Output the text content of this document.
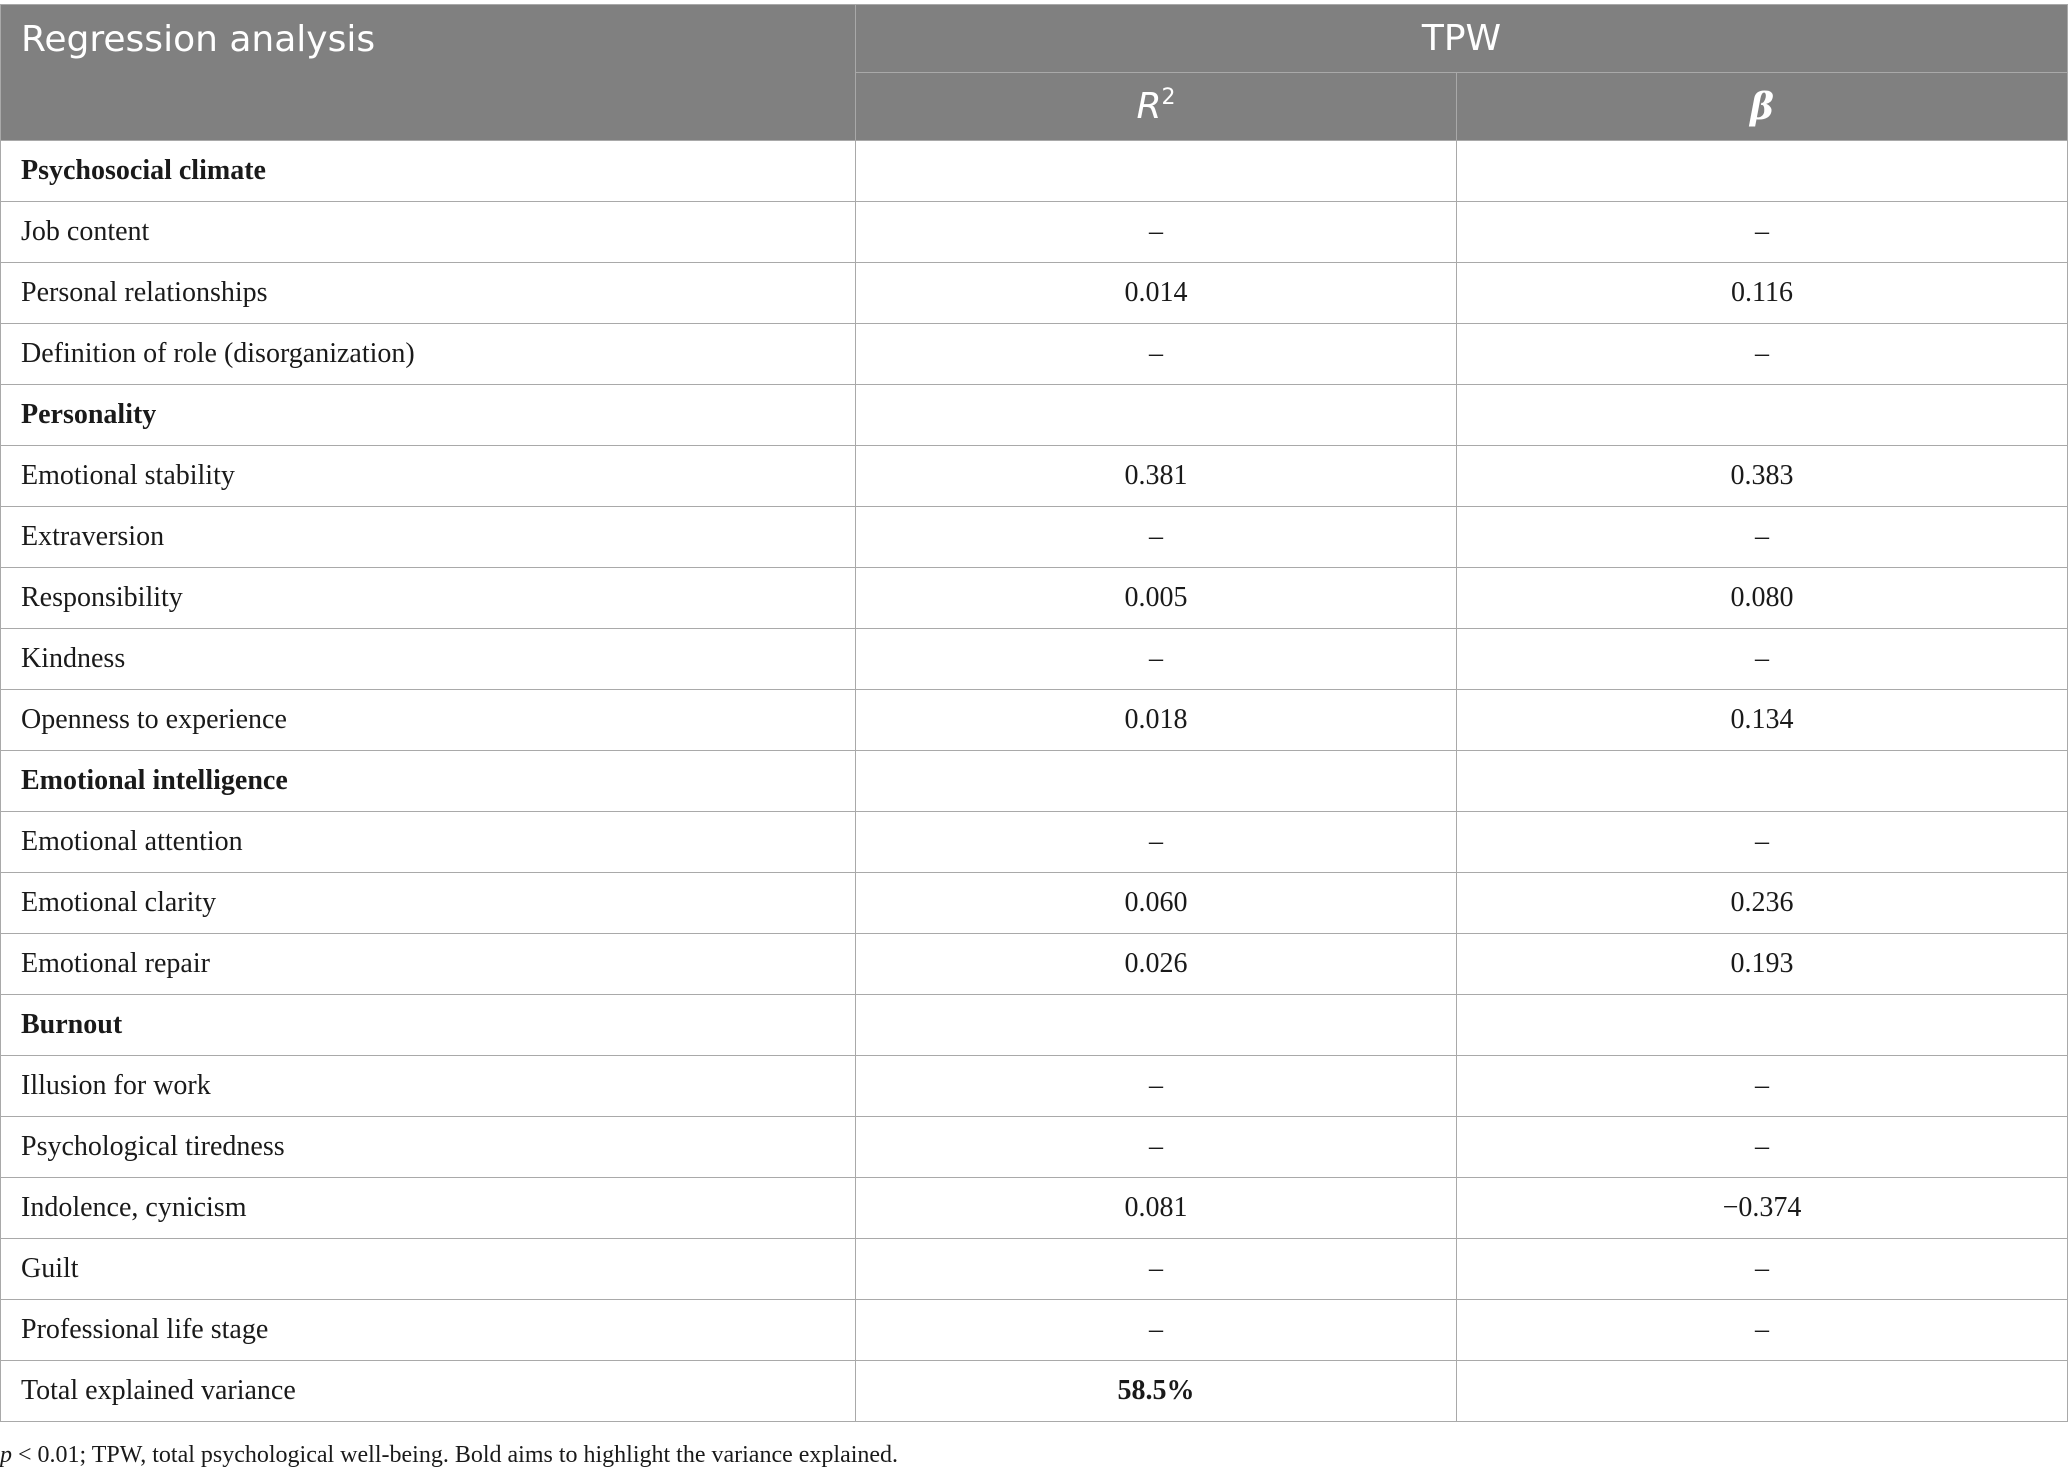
Regression analysis	TPW	
	$R^2$	β
Psychosocial climate		
Job content	–	–
Personal relationships	0.014	0.116
Definition of role (disorganization)	–	–
Personality		
Emotional stability	0.381	0.383
Extraversion	–	–
Responsibility	0.005	0.080
Kindness	–	–
Openness to experience	0.018	0.134
Emotional intelligence		
Emotional attention	–	–
Emotional clarity	0.060	0.236
Emotional repair	0.026	0.193
Burnout		
Illusion for work	–	–
Psychological tiredness	–	–
Indolence, cynicism	0.081	−0.374
Guilt	–	–
Professional life stage	–	–
Total explained variance	58.5%	
p < 0.01; TPW, total psychological well-being. Bold aims to highlight the variance explained.
